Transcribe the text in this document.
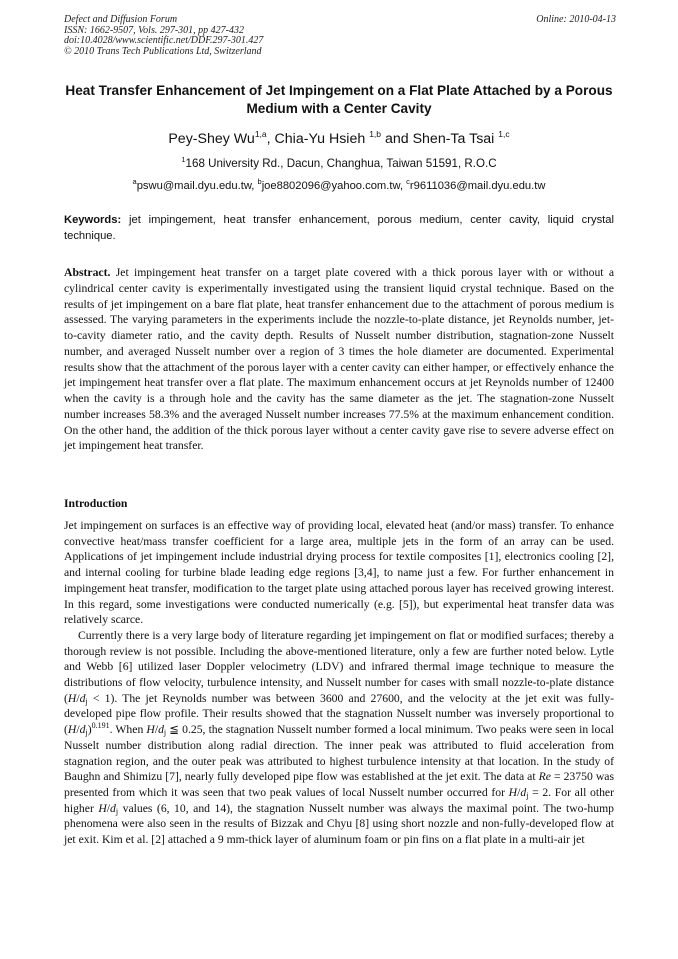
Defect and Diffusion Forum
ISSN: 1662-9507, Vols. 297-301, pp 427-432
doi:10.4028/www.scientific.net/DDF.297-301.427
© 2010 Trans Tech Publications Ltd, Switzerland
Online: 2010-04-13
Heat Transfer Enhancement of Jet Impingement on a Flat Plate Attached by a Porous Medium with a Center Cavity
Pey-Shey Wu$^{1,a}$, Chia-Yu Hsieh $^{1,b}$ and Shen-Ta Tsai $^{1,c}$
$^1$168 University Rd., Dacun, Changhua, Taiwan 51591, R.O.C
$^a$pswu@mail.dyu.edu.tw, $^b$joe8802096@yahoo.com.tw, $^c$r9611036@mail.dyu.edu.tw
Keywords: jet impingement, heat transfer enhancement, porous medium, center cavity, liquid crystal technique.
Abstract. Jet impingement heat transfer on a target plate covered with a thick porous layer with or without a cylindrical center cavity is experimentally investigated using the transient liquid crystal technique. Based on the results of jet impingement on a bare flat plate, heat transfer enhancement due to the attachment of porous medium is assessed. The varying parameters in the experiments include the nozzle-to-plate distance, jet Reynolds number, jet-to-cavity diameter ratio, and the cavity depth. Results of Nusselt number distribution, stagnation-zone Nusselt number, and averaged Nusselt number over a region of 3 times the hole diameter are documented. Experimental results show that the attachment of the porous layer with a center cavity can either hamper, or effectively enhance the jet impingement heat transfer over a flat plate. The maximum enhancement occurs at jet Reynolds number of 12400 when the cavity is a through hole and the cavity has the same diameter as the jet. The stagnation-zone Nusselt number increases 58.3% and the averaged Nusselt number increases 77.5% at the maximum enhancement condition. On the other hand, the addition of the thick porous layer without a center cavity gave rise to severe adverse effect on jet impingement heat transfer.
Introduction

Jet impingement on surfaces is an effective way of providing local, elevated heat (and/or mass) transfer. To enhance convective heat/mass transfer coefficient for a large area, multiple jets in the form of an array can be used. Applications of jet impingement include industrial drying process for textile composites [1], electronics cooling [2], and internal cooling for turbine blade leading edge regions [3,4], to name just a few. For further enhancement in impingement heat transfer, modification to the target plate using attached porous layer has received growing interest. In this regard, some investigations were conducted numerically (e.g. [5]), but experimental heat transfer data was relatively scarce.

Currently there is a very large body of literature regarding jet impingement on flat or modified surfaces; thereby a thorough review is not possible. Including the above-mentioned literature, only a few are further noted below. Lytle and Webb [6] utilized laser Doppler velocimetry (LDV) and infrared thermal image technique to measure the distributions of flow velocity, turbulence intensity, and Nusselt number for cases with small nozzle-to-plate distance $(H/d_j < 1)$. The jet Reynolds number was between 3600 and 27600, and the velocity at the jet exit was fully-developed pipe flow profile. Their results showed that the stagnation Nusselt number was inversely proportional to $(H/d_j)^{0.191}$. When $H/d_j$ ≦ 0.25, the stagnation Nusselt number formed a local minimum. Two peaks were seen in local Nusselt number distribution along radial direction. The inner peak was attributed to fluid acceleration from stagnation region, and the outer peak was attributed to highest turbulence intensity at that location. In the study of Baughn and Shimizu [7], nearly fully developed pipe flow was established at the jet exit. The data at Re = 23750 was presented from which it was seen that two peak values of local Nusselt number occurred for $H/d_j = 2$. For all other higher $H/d_j$ values (6, 10, and 14), the stagnation Nusselt number was always the maximal point. The two-hump phenomena were also seen in the results of Bizzak and Chyu [8] using short nozzle and non-fully-developed flow at jet exit. Kim et al. [2] attached a 9 mm-thick layer of aluminum foam or pin fins on a flat plate in a multi-air jet
